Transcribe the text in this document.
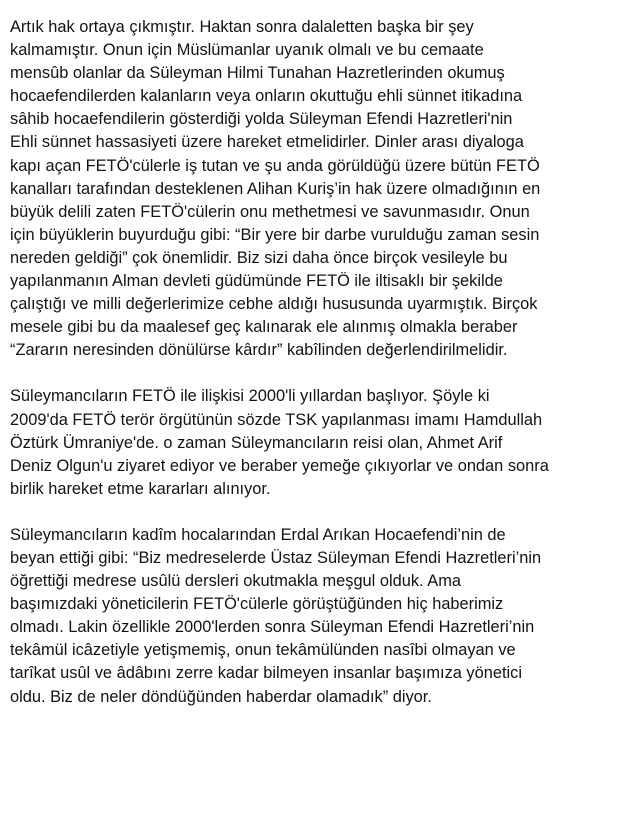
Artık hak ortaya çıkmıştır. Haktan sonra dalaletten başka bir şey
kalmamıştır. Onun için Müslümanlar uyanık olmalı ve bu cemaate
mensûb olanlar da Süleyman Hilmi Tunahan Hazretlerinden okumuş
hocaefendilerden kalanların veya onların okuttuğu ehli sünnet itikadına
sâhib hocaefendilerin gösterdiği yolda Süleyman Efendi Hazretleri'nin
Ehli sünnet hassasiyeti üzere hareket etmelidirler. Dinler arası diyaloga
kapı açan FETÖ'cülerle iş tutan ve şu anda görüldüğü üzere bütün FETÖ
kanalları tarafından desteklenen Alihan Kuriş’in hak üzere olmadığının en
büyük delili zaten FETÖ'cülerin onu methetmesi ve savunmasıdır. Onun
için büyüklerin buyurduğu gibi: “Bir yere bir darbe vurulduğu zaman sesin
nereden geldiği” çok önemlidir. Biz sizi daha önce birçok vesileyle bu
yapılanmanın Alman devleti güdümünde FETÖ ile iltisaklı bir şekilde
çalıştığı ve milli değerlerimize cebhe aldığı hususunda uyarmıştık. Birçok
mesele gibi bu da maalesef geç kalınarak ele alınmış olmakla beraber
“Zararın neresinden dönülürse kârdır” kabîlinden değerlendirilmelidir.

Süleymancıların FETÖ ile ilişkisi 2000'li yıllardan başlıyor. Şöyle ki
2009'da FETÖ terör örgütünün sözde TSK yapılanması imamı Hamdullah
Öztürk Ümraniye'de. o zaman Süleymancıların reisi olan, Ahmet Arif
Deniz Olgun'u ziyaret ediyor ve beraber yemeğe çıkıyorlar ve ondan sonra
birlik hareket etme kararları alınıyor.

Süleymancıların kadîm hocalarından Erdal Arıkan Hocaefendi’nin de
beyan ettiği gibi: “Biz medreselerde Üstaz Süleyman Efendi Hazretleri’nin
öğrettiği medrese usûlü dersleri okutmakla meşgul olduk. Ama
başımızdaki yöneticilerin FETÖ'cülerle görüştüğünden hiç haberimiz
olmadı. Lakin özellikle 2000'lerden sonra Süleyman Efendi Hazretleri’nin
tekâmül icâzetiyle yetişmemiş, onun tekâmülünden nasîbi olmayan ve
tarîkat usûl ve âdâbını zerre kadar bilmeyen insanlar başımıza yönetici
oldu. Biz de neler döndüğünden haberdar olamadık” diyor.
